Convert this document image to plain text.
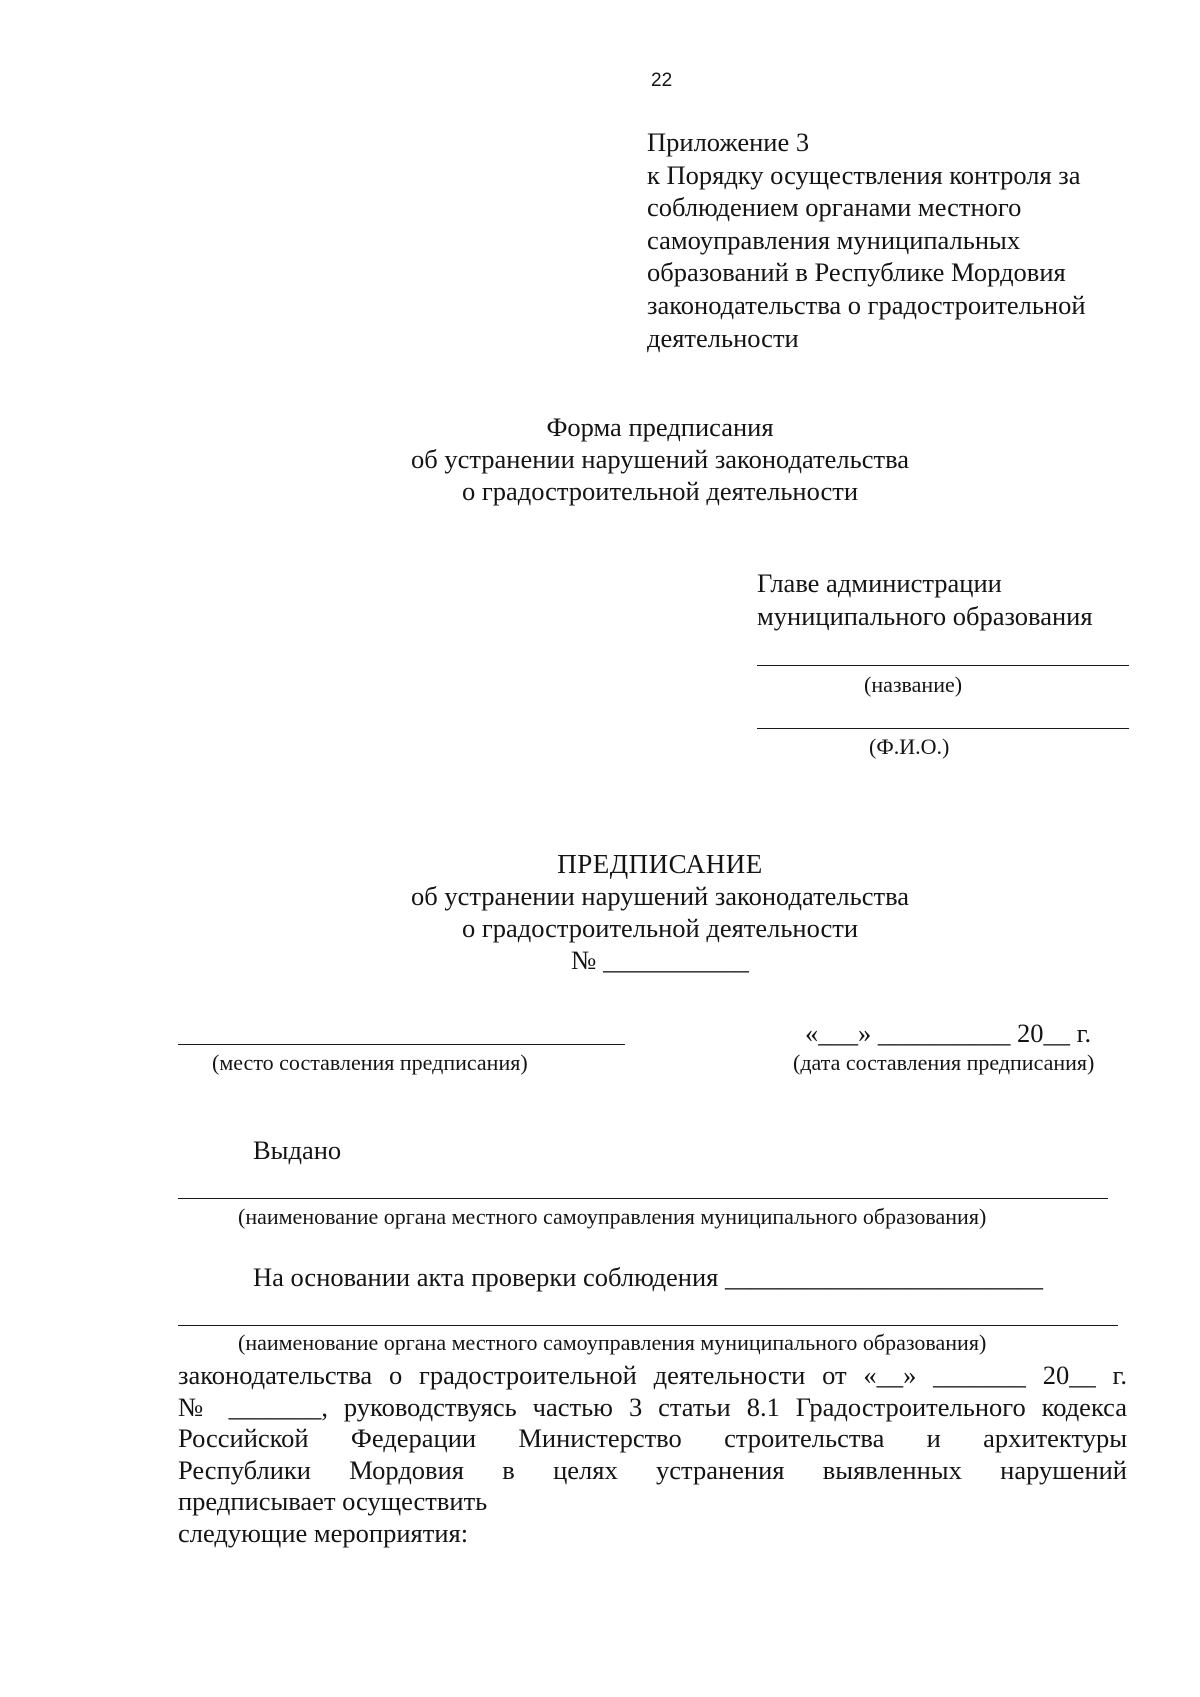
22
Приложение 3
к Порядку осуществления контроля за
соблюдением органами местного
самоуправления муниципальных
образований в Республике Мордовия
законодательства о градостроительной
деятельности
Форма предписания
об устранении нарушений законодательства
о градостроительной деятельности
Главе администрации
муниципального образования
(название)
(Ф.И.О.)
ПРЕДПИСАНИЕ
об устранении нарушений законодательства
о градостроительной деятельности
№ ___________
(место составления предписания)
«___» __________ 20__ г.
(дата составления предписания)
Выдано
(наименование органа местного самоуправления муниципального образования)
На основании акта проверки соблюдения ________________________
(наименование органа местного самоуправления муниципального образования)
законодательства о градостроительной деятельности от «__» _______ 20__ г.
№ _______, руководствуясь частью 3 статьи 8.1 Градостроительного кодекса
Российской Федерации Министерство строительства и архитектуры
Республики Мордовия в целях устранения выявленных нарушений
предписывает осуществить
следующие мероприятия:
